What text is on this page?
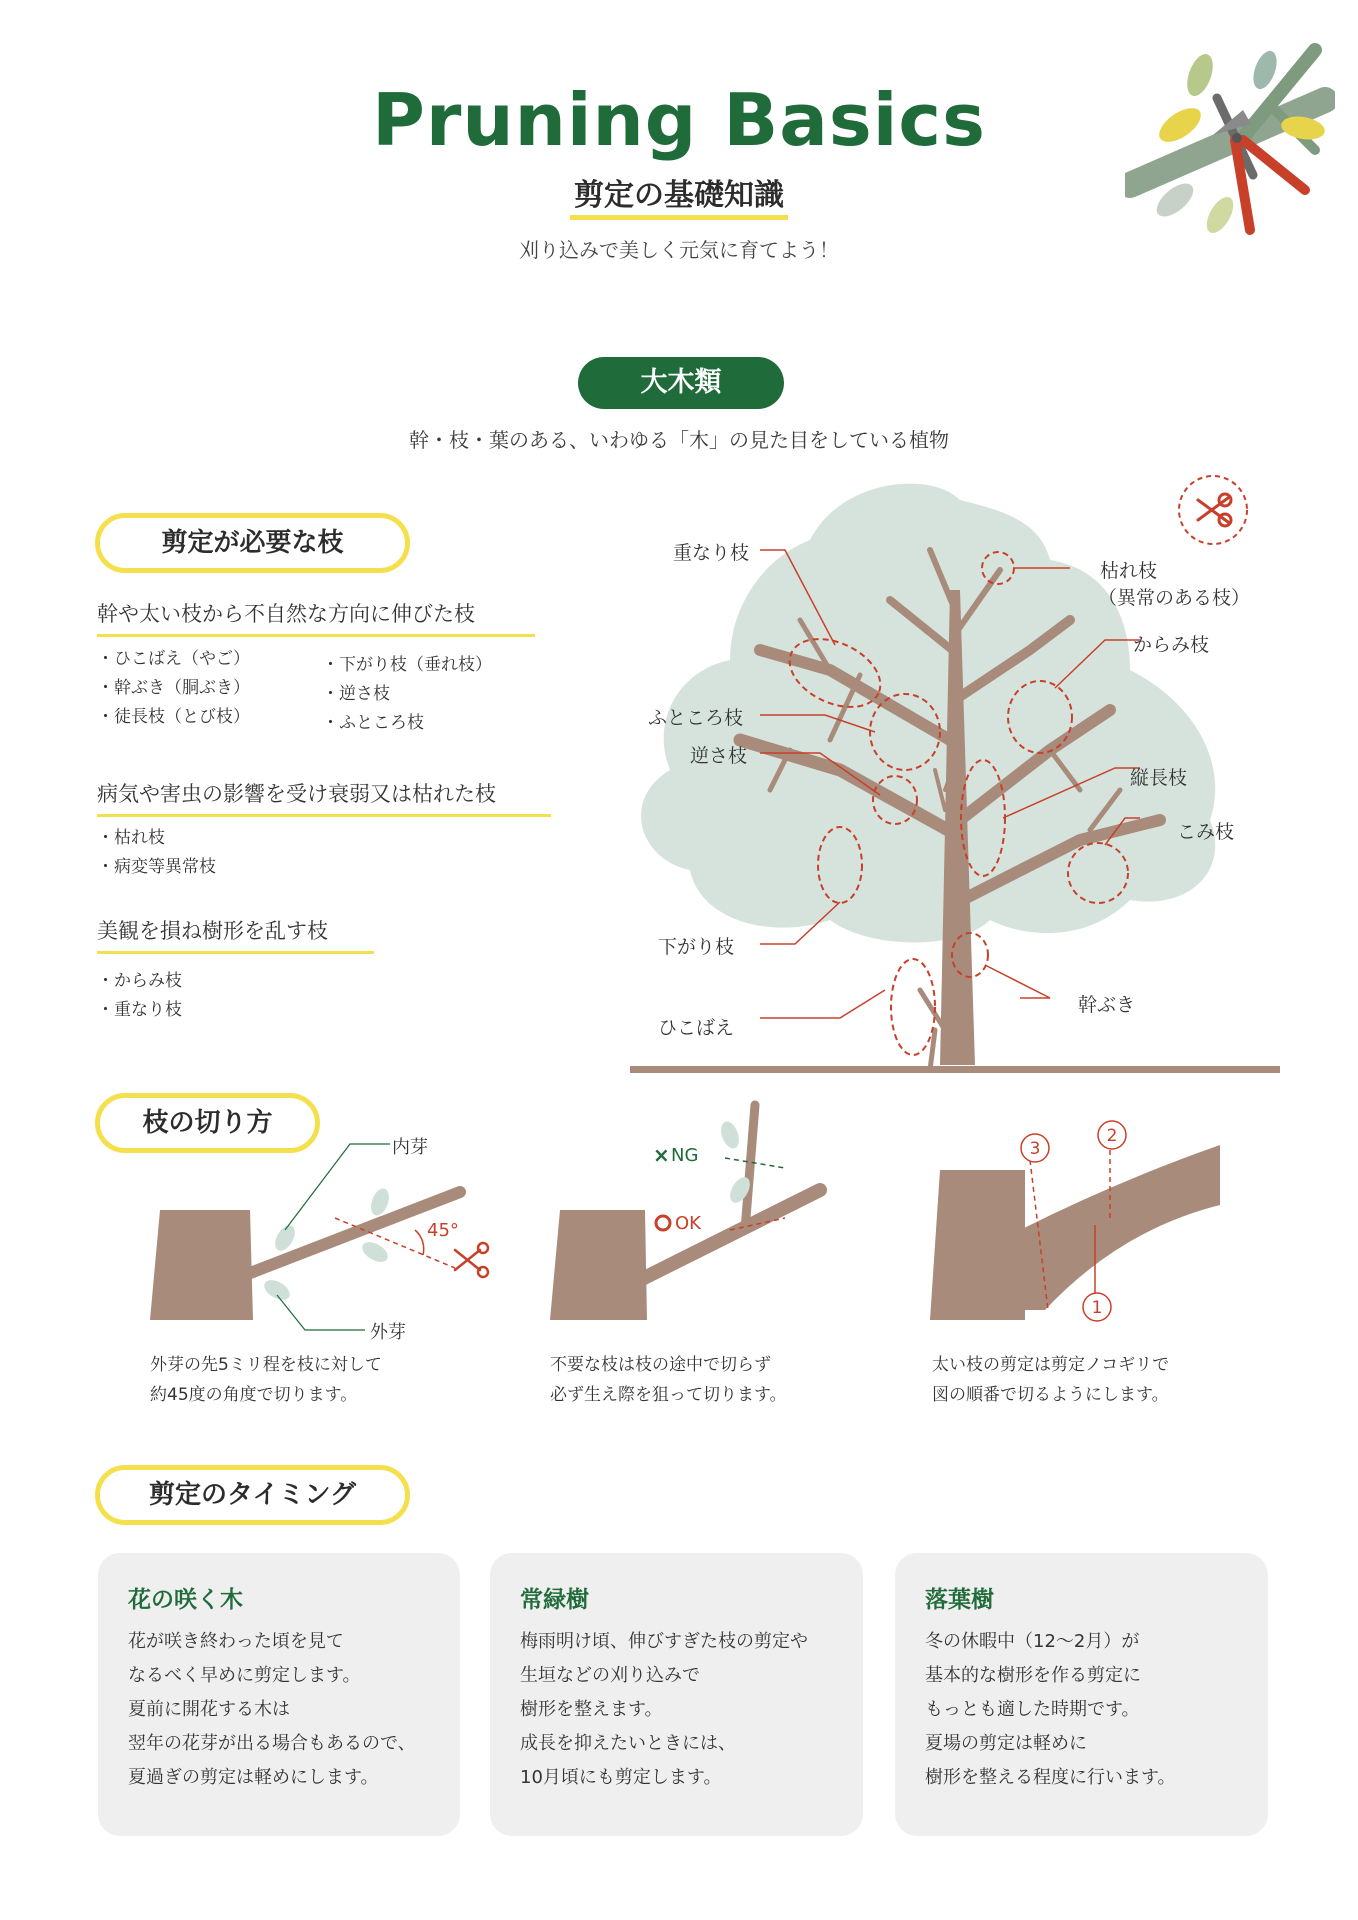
Pruning Basics
剪定の基礎知識
刈り込みで美しく元気に育てよう！
大木類
幹・枝・葉のある、いわゆる「木」の見た目をしている植物
剪定が必要な枝
幹や太い枝から不自然な方向に伸びた枝
・ ひこばえ（やご）
・ 幹ぶき（胴ぶき）
・ 徒長枝（とび枝）
・ 下がり枝（垂れ枝）
・ 逆さ枝
・ ふところ枝
病気や害虫の影響を受け衰弱又は枯れた枝
・ 枯れ枝
・ 病変等異常枝
美観を損ね樹形を乱す枝
・ からみ枝
・ 重なり枝
重なり枝
枯れ枝
（異常のある枝）
からみ枝
ふところ枝
逆さ枝
縦長枝
こみ枝
下がり枝
幹ぶき
ひこばえ
枝の切り方
45°
内芽
外芽
外芽の先5ミリ程を枝に対して
約45度の角度で切ります。
× NG
OK
不要な枝は枝の途中で切らず
必ず生え際を狙って切ります。
3
2
1
太い枝の剪定は剪定ノコギリで
図の順番で切るようにします。
剪定のタイミング
花の咲く木
花が咲き終わった頃を見て
なるべく早めに剪定します。
夏前に開花する木は
翌年の花芽が出る場合もあるので、
夏過ぎの剪定は軽めにします。
常緑樹
梅雨明け頃、伸びすぎた枝の剪定や
生垣などの刈り込みで
樹形を整えます。
成長を抑えたいときには、
10月頃にも剪定します。
落葉樹
冬の休暇中（12〜2月）が
基本的な樹形を作る剪定に
もっとも適した時期です。
夏場の剪定は軽めに
樹形を整える程度に行います。
